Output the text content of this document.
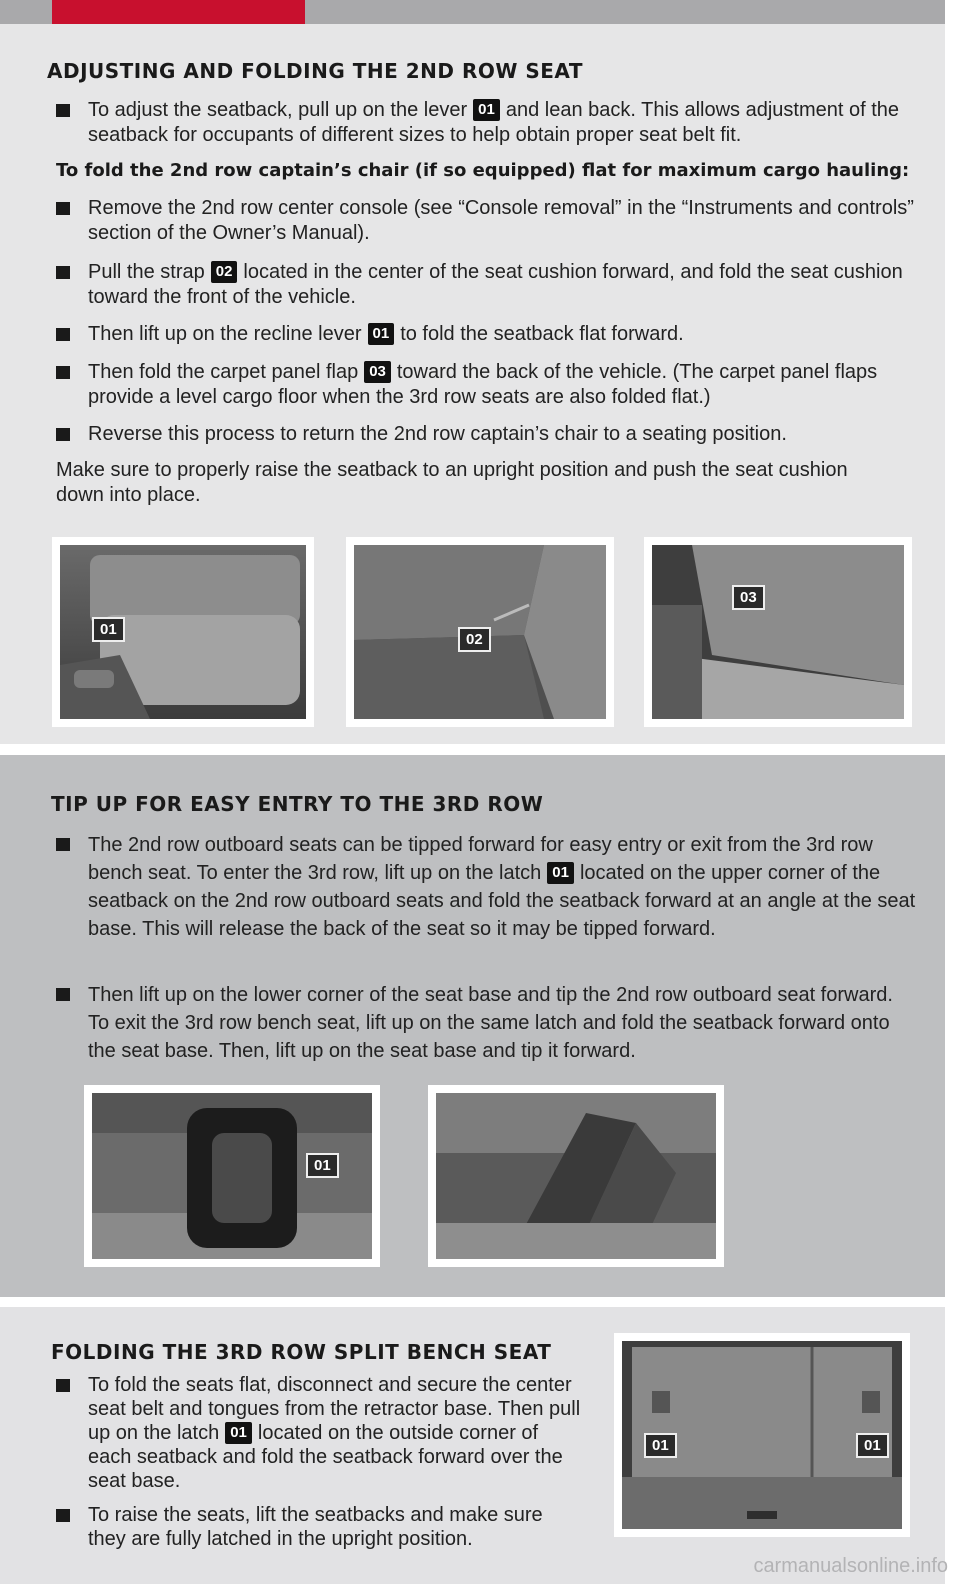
ADJUSTING AND FOLDING THE 2ND ROW SEAT
To adjust the seatback, pull up on the lever 01 and lean back. This allows adjustment of the seatback for occupants of different sizes to help obtain proper seat belt fit.
To fold the 2nd row captain’s chair (if so equipped) flat for maximum cargo hauling:
Remove the 2nd row center console (see “Console removal” in the “Instruments and controls” section of the Owner’s Manual).
Pull the strap 02 located in the center of the seat cushion forward, and fold the seat cushion toward the front of the vehicle.
Then lift up on the recline lever 01 to fold the seatback flat forward.
Then fold the carpet panel flap 03 toward the back of the vehicle. (The carpet panel flaps provide a level cargo floor when the 3rd row seats are also folded flat.)
Reverse this process to return the 2nd row captain’s chair to a seating position.
Make sure to properly raise the seatback to an upright position and push the seat cushion down into place.
01
02
03
TIP UP FOR EASY ENTRY TO THE 3RD ROW
The 2nd row outboard seats can be tipped forward for easy entry or exit from the 3rd row bench seat. To enter the 3rd row, lift up on the latch 01 located on the upper corner of the seatback on the 2nd row outboard seats and fold the seatback forward at an angle at the seat base. This will release the back of the seat so it may be tipped forward.
Then lift up on the lower corner of the seat base and tip the 2nd row outboard seat forward. To exit the 3rd row bench seat, lift up on the same latch and fold the seatback forward onto the seat base. Then, lift up on the seat base and tip it forward.
01
FOLDING THE 3RD ROW SPLIT BENCH SEAT
To fold the seats flat, disconnect and secure the center seat belt and tongues from the retractor base. Then pull up on the latch 01 located on the outside corner of each seatback and fold the seatback forward over the seat base.
To raise the seats, lift the seatbacks and make sure they are fully latched in the upright position.
01	01
carmanualsonline.info
